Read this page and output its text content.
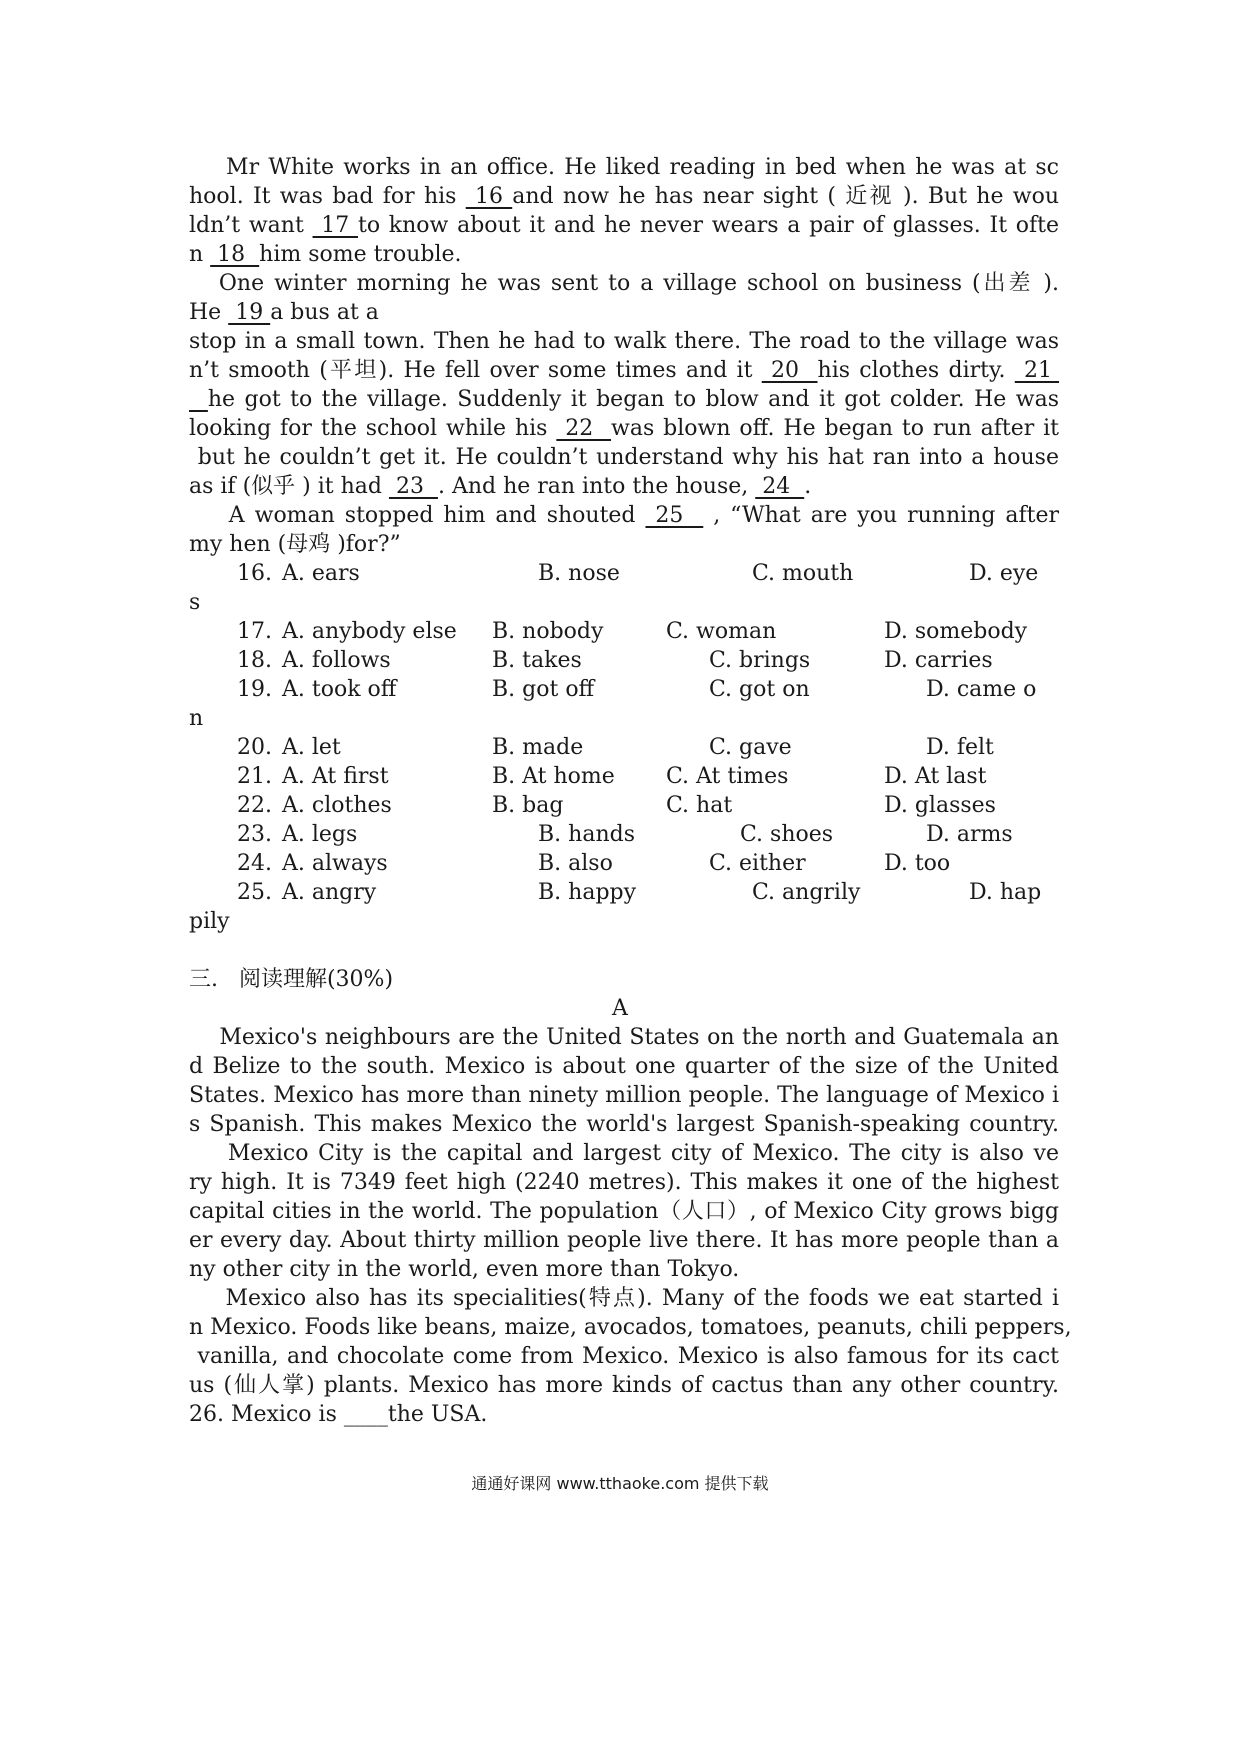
Mr White works in an office. He liked reading in bed when he was at sc
hool. It was bad for his  16 and now he has near sight ( 近视 ). But he wou
ldn’t want  17 to know about it and he never wears a pair of glasses. It ofte
n  18  him some trouble.
One winter morning he was sent to a village school on business (出差 ).
He  19 a bus at a
stop in a small town. Then he had to walk there. The road to the village was
n’t smooth (平坦). He fell over some times and it  20  his clothes dirty.  21
he got to the village. Suddenly it began to blow and it got colder. He was
looking for the school while his  22  was blown off. He began to run after it
but he couldn’t get it. He couldn’t understand why his hat ran into a house
as if (似乎 ) it had  23  . And he ran into the house,  24  .
A woman stopped him and shouted  25   , “What are you running after
my hen (母鸡 )for?”
16. A. ears	B. nose	C. mouth	D. eye
s
17. A. anybody else B. nobody	C. woman	D. somebody
18. A. follows	B. takes	C. brings	D. carries
19. A. took off	B. got off	C. got on	D. came o
n
20. A. let	B. made	C. gave	D. felt
21. A. At first	B. At home C. At times	D. At last
22. A. clothes	B. bag	C. hat	D. glasses
23. A. legs	B. hands	C. shoes	D. arms
24. A. always	B. also	C. either	D. too
25. A. angry	B. happy	C. angrily	D. hap
pily
三.   阅读理解(30%)
A
Mexico's neighbours are the United States on the north and Guatemala an
d Belize to the south. Mexico is about one quarter of the size of the United
States. Mexico has more than ninety million people. The language of Mexico i
s Spanish. This makes Mexico the world's largest Spanish-speaking country.
Mexico City is the capital and largest city of Mexico. The city is also ve
ry high. It is 7349 feet high (2240 metres). This makes it one of the highest
capital cities in the world. The population（人口）, of Mexico City grows bigg
er every day. About thirty million people live there. It has more people than a
ny other city in the world, even more than Tokyo.
Mexico also has its specialities(特点). Many of the foods we eat started i
n Mexico. Foods like beans, maize, avocados, tomatoes, peanuts, chili peppers,
vanilla, and chocolate come from Mexico. Mexico is also famous for its cact
us (仙人掌) plants. Mexico has more kinds of cactus than any other country.
26. Mexico is ____the USA.
通通好课网 www.tthaoke.com 提供下载
